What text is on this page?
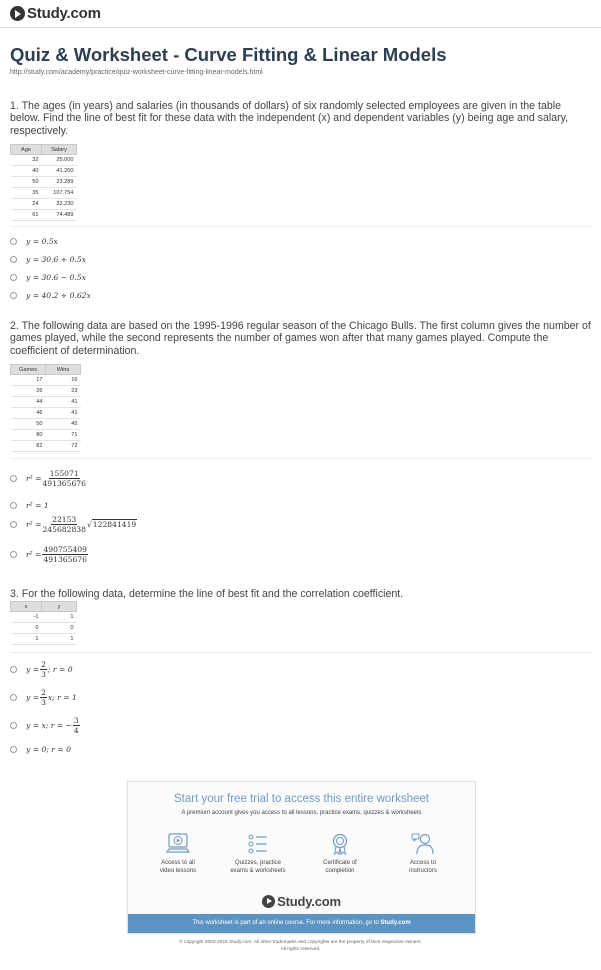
Study.com
Quiz & Worksheet - Curve Fitting & Linear Models
http://study.com/academy/practice/quiz-worksheet-curve-fitting-linear-models.html
1. The ages (in years) and salaries (in thousands of dollars) of six randomly selected employees are given in the table below. Find the line of best fit for these data with the independent (x) and dependent variables (y) being age and salary, respectively.
Age	Salary
32	25.000
40	41.200
50	23.289
35	107.754
24	32.230
61	74.489
y = 0.5x
y = 30.6 + 0.5x
y = 30.6 − 0.5x
y = 40.2 + 0.62x
2. The following data are based on the 1995-1996 regular season of the Chicago Bulls. The first column gives the number of games played, while the second represents the number of games won after that many games played. Compute the coefficient of determination.
Games	Wins
17	16
26	23
44	41
46	41
50	45
80	71
82	72
$r^2 = \frac{155071}{491365676}$
r² = 1
$r^2 = \frac{22153}{245682838} √122841419$
$r^2 = \frac{490755409}{491365676}$
3. For the following data, determine the line of best fit and the correlation coefficient.
x	y
-1	1
0	0
1	1
$y = \frac{2}{3}$ ; r = 0
$y = \frac{2}{3} x$; r = 1
y = x; r = − $\frac{3}{4}$
y = 0; r = 0
Start your free trial to access this entire worksheet
A premium account gives you access to all lessons, practice exams, quizzes & worksheets
Access to all
video lessons
Quizzes, practice
exams & worksheets
Certificate of
completion
Access to
instructors
Study.com
This worksheet is part of an online course. For more information, go to Study.com
© copyright 2003-2015 Study.com. All other trademarks and copyrights are the property of their respective owners.
All rights reserved.
